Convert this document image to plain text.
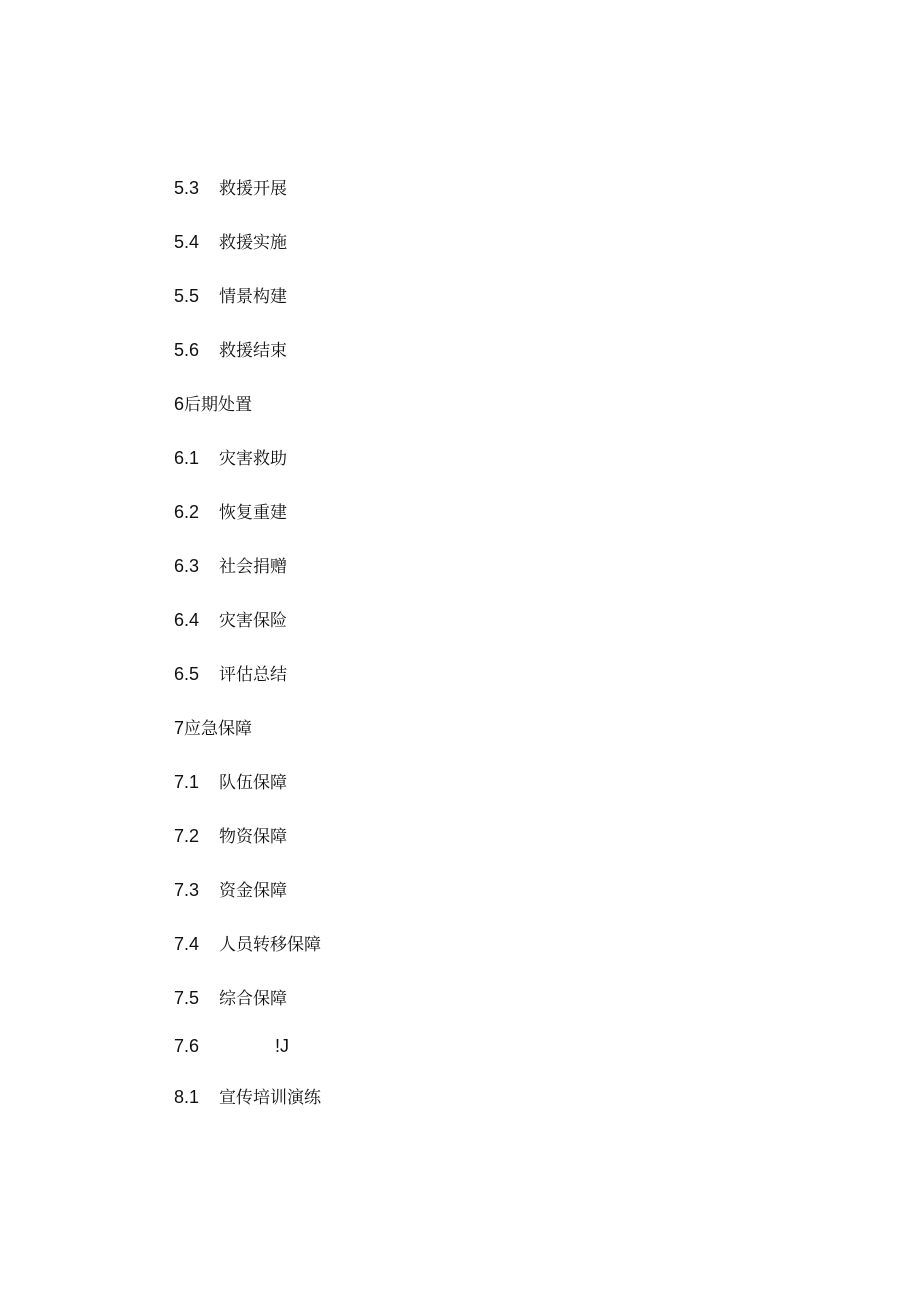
5.3 救援开展
5.4 救援实施
5.5 情景构建
5.6 救援结束
6后期处置
6.1 灾害救助
6.2 恢复重建
6.3 社会捐赠
6.4 灾害保险
6.5 评估总结
7应急保障
7.1 队伍保障
7.2 物资保障
7.3 资金保障
7.4 人员转移保障
7.5 综合保障
7.6	!J
8.1 宣传培训演练
